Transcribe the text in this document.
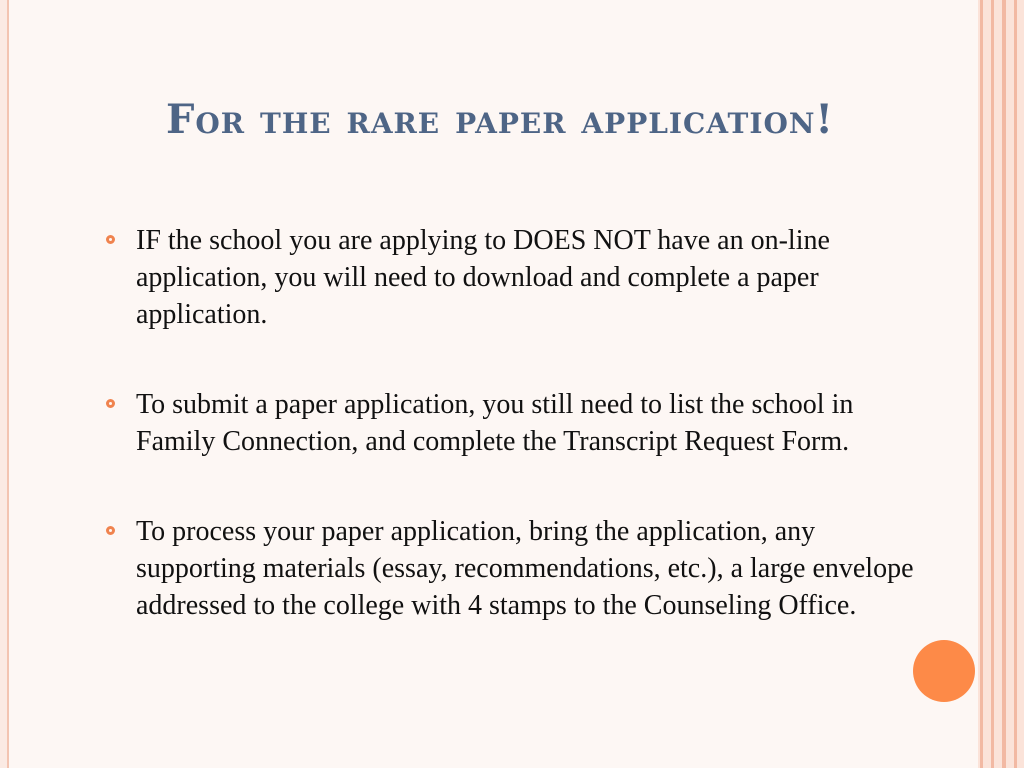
For the rare paper application!
IF the school you are applying to DOES NOT have an on-line application, you will need to download and complete a paper application.
To submit a paper application, you still need to list the school in Family Connection, and complete the Transcript Request Form.
To process your paper application, bring the application, any supporting materials (essay, recommendations, etc.), a large envelope addressed to the college with 4 stamps to the Counseling Office.
